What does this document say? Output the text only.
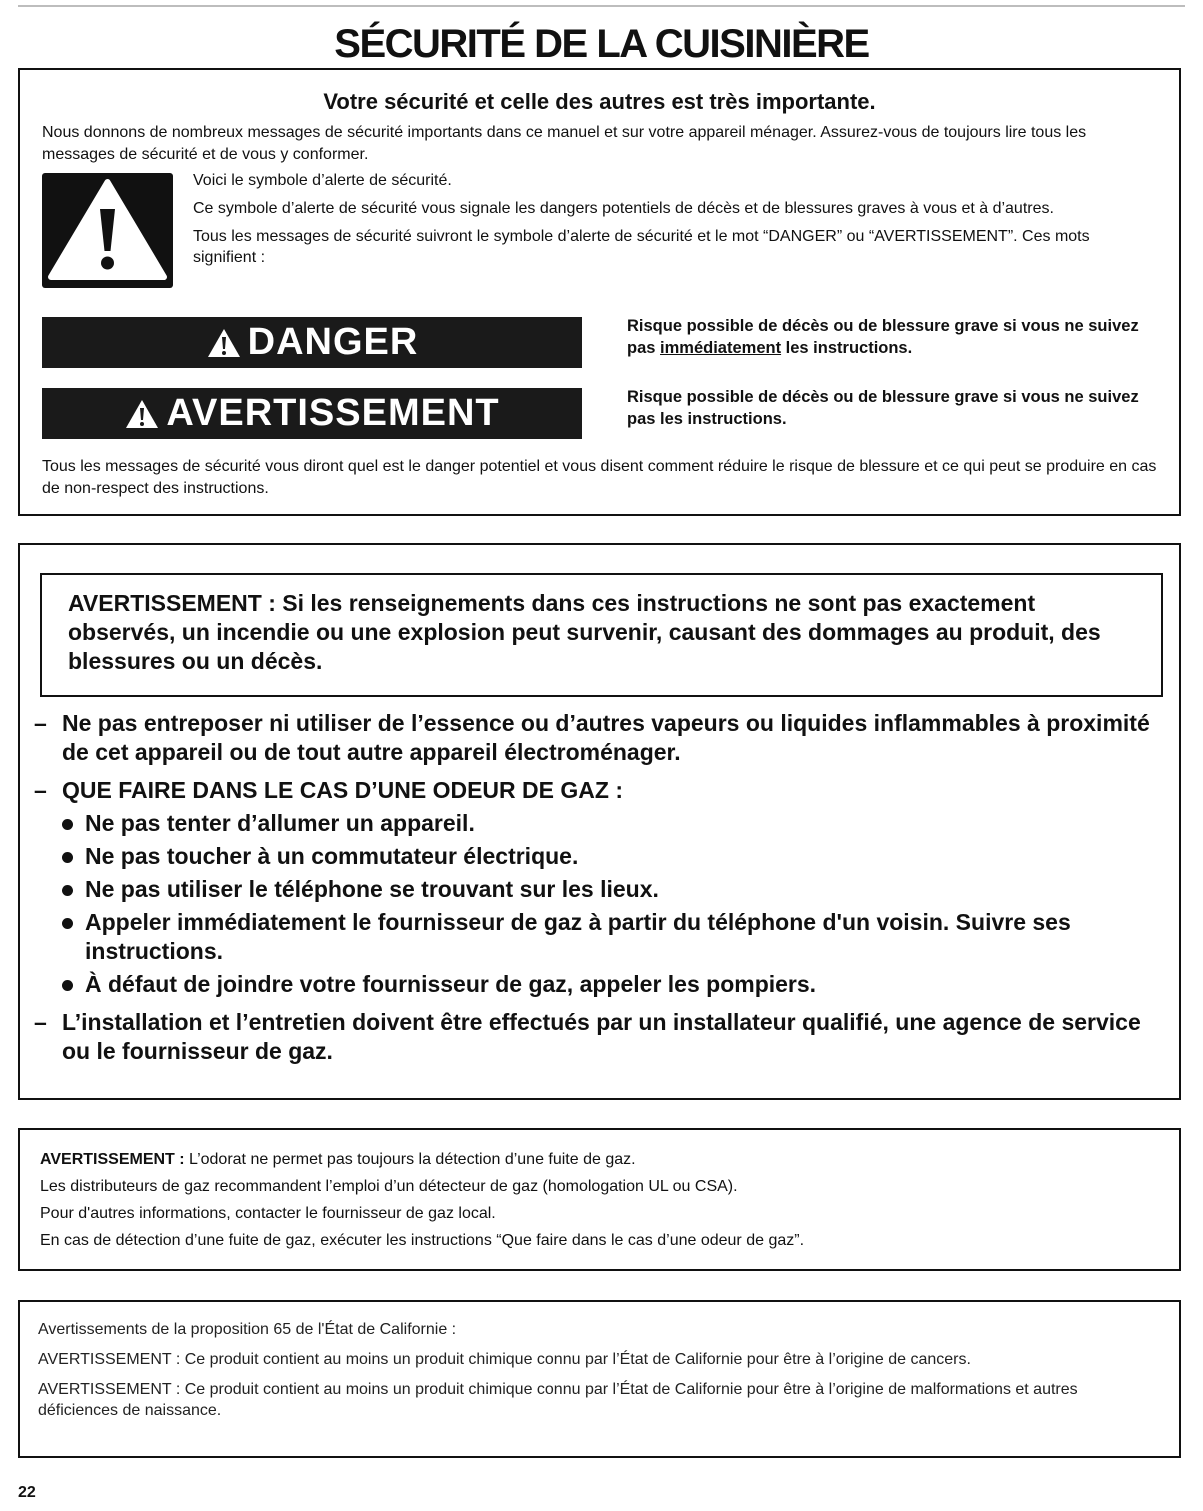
SÉCURITÉ DE LA CUISINIÈRE
Votre sécurité et celle des autres est très importante.
Nous donnons de nombreux messages de sécurité importants dans ce manuel et sur votre appareil ménager. Assurez-vous de toujours lire tous les messages de sécurité et de vous y conformer.

Voici le symbole d’alerte de sécurité.

Ce symbole d’alerte de sécurité vous signale les dangers potentiels de décès et de blessures graves à vous et à d’autres.

Tous les messages de sécurité suivront le symbole d’alerte de sécurité et le mot “DANGER” ou “AVERTISSEMENT”. Ces mots signifient :

DANGER	Risque possible de décès ou de blessure grave si vous ne suivez pas immédiatement les instructions.
AVERTISSEMENT	Risque possible de décès ou de blessure grave si vous ne suivez pas les instructions.
Tous les messages de sécurité vous diront quel est le danger potentiel et vous disent comment réduire le risque de blessure et ce qui peut se produire en cas de non-respect des instructions.
AVERTISSEMENT : Si les renseignements dans ces instructions ne sont pas exactement observés, un incendie ou une explosion peut survenir, causant des dommages au produit, des blessures ou un décès.
– Ne pas entreposer ni utiliser de l’essence ou d’autres vapeurs ou liquides inflammables à proximité de cet appareil ou de tout autre appareil électroménager.
– QUE FAIRE DANS LE CAS D’UNE ODEUR DE GAZ :
Ne pas tenter d’allumer un appareil.
Ne pas toucher à un commutateur électrique.
Ne pas utiliser le téléphone se trouvant sur les lieux.
Appeler immédiatement le fournisseur de gaz à partir du téléphone d'un voisin. Suivre ses instructions.
À défaut de joindre votre fournisseur de gaz, appeler les pompiers.
– L’installation et l’entretien doivent être effectués par un installateur qualifié, une agence de service ou le fournisseur de gaz.

AVERTISSEMENT : L’odorat ne permet pas toujours la détection d’une fuite de gaz.

Les distributeurs de gaz recommandent l’emploi d’un détecteur de gaz (homologation UL ou CSA).

Pour d'autres informations, contacter le fournisseur de gaz local.

En cas de détection d’une fuite de gaz, exécuter les instructions “Que faire dans le cas d’une odeur de gaz”.

Avertissements de la proposition 65 de l'État de Californie :

AVERTISSEMENT : Ce produit contient au moins un produit chimique connu par l’État de Californie pour être à l’origine de cancers.

AVERTISSEMENT : Ce produit contient au moins un produit chimique connu par l’État de Californie pour être à l’origine de malformations et autres déficiences de naissance.

22
